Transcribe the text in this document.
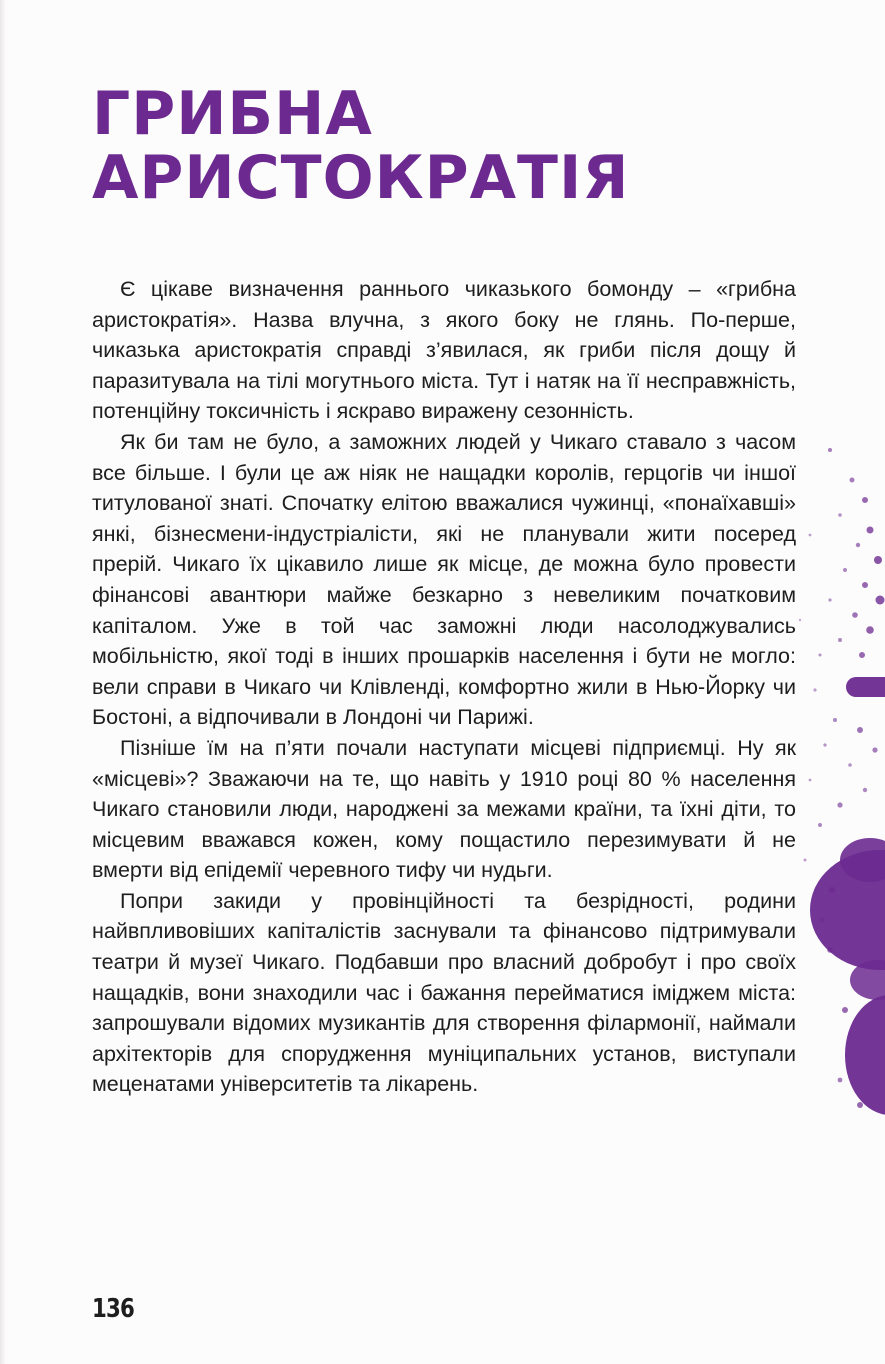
ГРИБНА
АРИСТОКРАТІЯ

Є цікаве визначення раннього чиказького бомонду – «грибна аристократія». Назва влучна, з якого боку не глянь. По-перше, чиказька аристократія справді з’явилася, як гриби після дощу й паразитувала на тілі могутнього міста. Тут і натяк на її несправжність, потенційну токсичність і яскраво виражену сезонність.

Як би там не було, а заможних людей у Чикаго ставало з часом все більше. І були це аж ніяк не нащадки королів, герцогів чи іншої титулованої знаті. Спочатку елітою вважалися чужинці, «понаїхавші» янкі, бізнесмени-індустріалісти, які не планували жити посеред прерій. Чикаго їх цікавило лише як місце, де можна було провести фінансові авантюри майже безкарно з невеликим початковим капіталом. Уже в той час заможні люди насолоджувались мобільністю, якої тоді в інших прошарків населення і бути не могло: вели справи в Чикаго чи Клівленді, комфортно жили в Нью-Йорку чи Бостоні, а відпочивали в Лондоні чи Парижі.

Пізніше їм на п’яти почали наступати місцеві підприємці. Ну як «місцеві»? Зважаючи на те, що навіть у 1910 році 80 % населення Чикаго становили люди, народжені за межами країни, та їхні діти, то місцевим вважався кожен, кому пощастило перезимувати й не вмерти від епідемії черевного тифу чи нудьги.

Попри закиди у провінційності та безрідності, родини найвпливовіших капіталістів заснували та фінансово підтримували театри й музеї Чикаго. Подбавши про власний добробут і про своїх нащадків, вони знаходили час і бажання перейматися іміджем міста: запрошували відомих музикантів для створення філармонії, наймали архітекторів для спорудження муніципальних установ, виступали меценатами університетів та лікарень.

136
